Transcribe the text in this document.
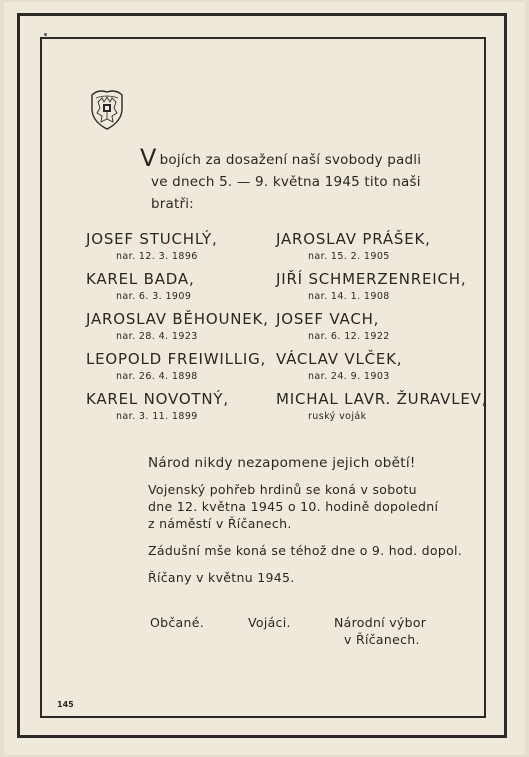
Vbojích za dosažení naší svobody padli
ve dnech 5. — 9. května 1945 tito naši bratři:
JOSEF STUCHLÝ,
nar. 12. 3. 1896
KAREL BADA,
nar. 6. 3. 1909
JAROSLAV BĚHOUNEK,
nar. 28. 4. 1923
LEOPOLD FREIWILLIG,
nar. 26. 4. 1898
KAREL NOVOTNÝ,
nar. 3. 11. 1899
JAROSLAV PRÁŠEK,
nar. 15. 2. 1905
JIŘÍ SCHMERZENREICH,
nar. 14. 1. 1908
JOSEF VACH,
nar. 6. 12. 1922
VÁCLAV VLČEK,
nar. 24. 9. 1903
MICHAL LAVR. ŽURAVLEV,
ruský voják
Národ nikdy nezapomene jejich obětí!
Vojenský pohřeb hrdinů se koná v sobotu
dne 12. května 1945 o 10. hodině dopolední
z náměstí v Říčanech.
Zádušní mše koná se téhož dne o 9. hod. dopol.
Říčany v květnu 1945.
Občané.	Vojáci.	Národní výbor
v Říčanech.
145
